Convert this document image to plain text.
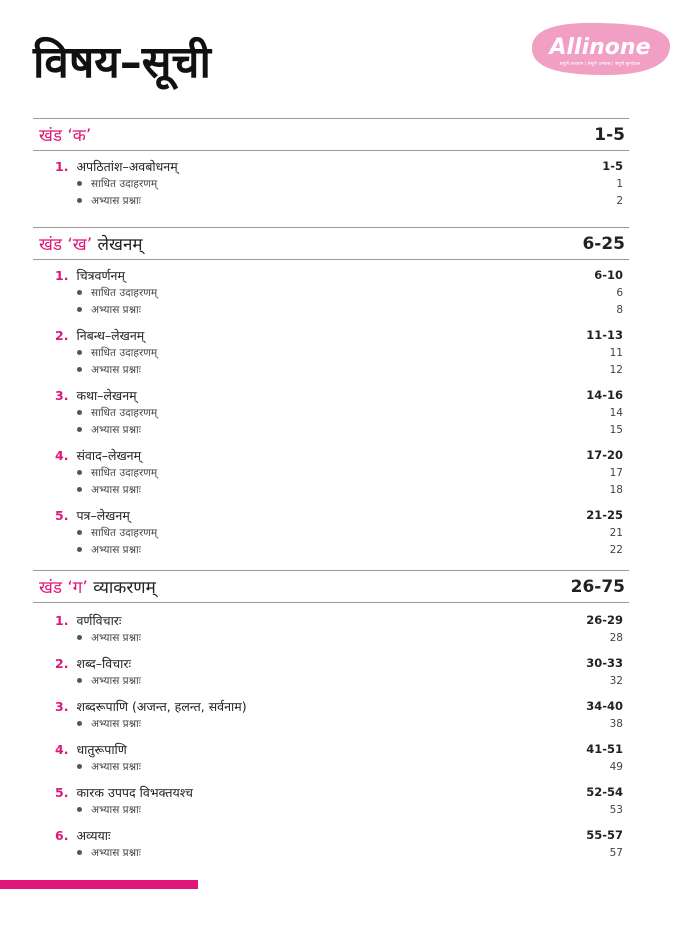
विषय–सूची	Allinone
संपूर्ण अध्ययन | संपूर्ण अभ्यास | संपूर्ण मूल्यांकन
खंड ‘क’	1-5
1. अपठितांश–अवबोधनम्	1-5
साधित उदाहरणम्	1
अभ्यास प्रश्नाः	2
खंड ‘ख’ लेखनम्	6-25
1. चित्रवर्णनम्	6-10
साधित उदाहरणम्	6
अभ्यास प्रश्नाः	8
2. निबन्ध–लेखनम्	11-13
साधित उदाहरणम्	11
अभ्यास प्रश्नाः	12
3. कथा–लेखनम्	14-16
साधित उदाहरणम्	14
अभ्यास प्रश्नाः	15
4. संवाद–लेखनम्	17-20
साधित उदाहरणम्	17
अभ्यास प्रश्नाः	18
5. पत्र–लेखनम्	21-25
साधित उदाहरणम्	21
अभ्यास प्रश्नाः	22
खंड ‘ग’ व्याकरणम्	26-75
1. वर्णविचारः	26-29
अभ्यास प्रश्नाः	28
2. शब्द–विचारः	30-33
अभ्यास प्रश्नाः	32
3. शब्दरूपाणि (अजन्त, हलन्त, सर्वनाम)	34-40
अभ्यास प्रश्नाः	38
4. धातुरूपाणि	41-51
अभ्यास प्रश्नाः	49
5. कारक उपपद विभक्तयश्च	52-54
अभ्यास प्रश्नाः	53
6. अव्ययाः	55-57
अभ्यास प्रश्नाः	57
